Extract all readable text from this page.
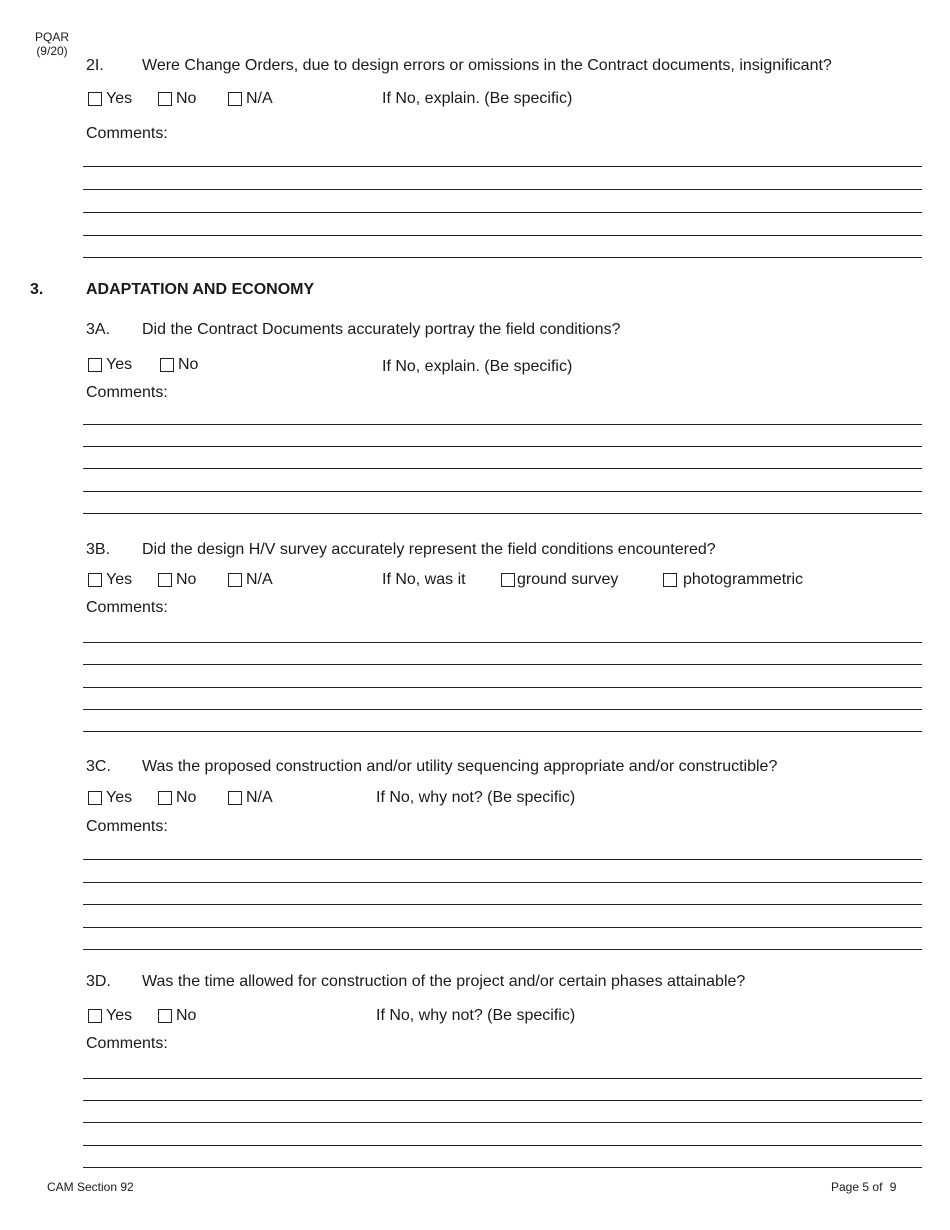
PQAR
(9/20)
2I. Were Change Orders, due to design errors or omissions in the Contract documents, insignificant?
Yes	No	N/A	If No, explain. (Be specific)
Comments:
3.	ADAPTATION AND ECONOMY
3A. Did the Contract Documents accurately portray the field conditions?
Yes	No	If No, explain. (Be specific)
Comments:
3B. Did the design H/V survey accurately represent the field conditions encountered?
Yes	No	N/A	If No, was it	ground survey	photogrammetric
Comments:
3C. Was the proposed construction and/or utility sequencing appropriate and/or constructible?
Yes	No	N/A	If No, why not? (Be specific)
Comments:
3D. Was the time allowed for construction of the project and/or certain phases attainable?
Yes	No	If No, why not? (Be specific)
Comments:
CAM Section 92	Page 5 of 9
